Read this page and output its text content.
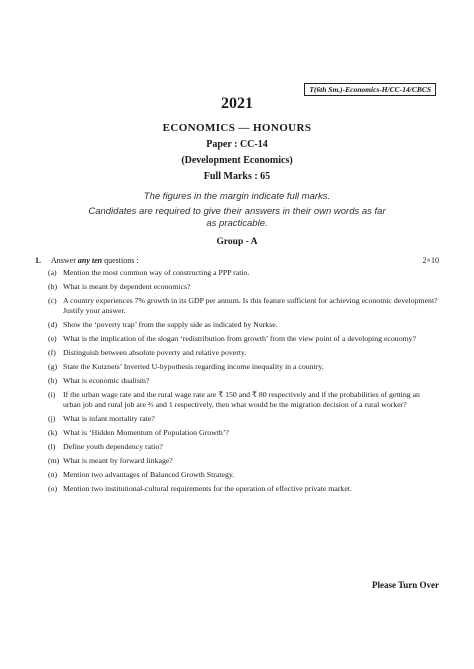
T(6th Sm.)-Economics-H/CC-14/CBCS
2021
ECONOMICS — HONOURS
Paper : CC-14
(Development Economics)
Full Marks : 65
The figures in the margin indicate full marks.
Candidates are required to give their answers in their own words as far as practicable.
Group - A
1. Answer any ten questions :	2×10
(a) Mention the most common way of constructing a PPP ratio.
(b) What is meant by dependent economics?
(c) A country experiences 7% growth in its GDP per annum. Is this feature sufficient for achieving economic development? Justify your answer.
(d) Show the ‘poverty trap’ from the supply side as indicated by Nurkse.
(e) What is the implication of the slogan ‘redistribution from growth’ from the view point of a developing economy?
(f) Distinguish between absolute poverty and relative poverty.
(g) State the Kutznets’ Inverted U-hypothesis regarding income inequality in a country.
(h) What is economic dualism?
(i) If the urban wage rate and the rural wage rate are ₹ 150 and ₹ 80 respectively and if the probabilities of getting an urban job and rural job are ⅔ and 1 respectively, then what would be the migration decision of a rural worker?
(j) What is infant mortality rate?
(k) What is ‘Hidden Momentum of Population Growth’?
(l) Define youth dependency ratio?
(m) What is meant by forward linkage?
(n) Mention two advantages of Balanced Growth Strategy.
(o) Mention two institutional-cultural requirements for the operation of effective private market.
Please Turn Over
